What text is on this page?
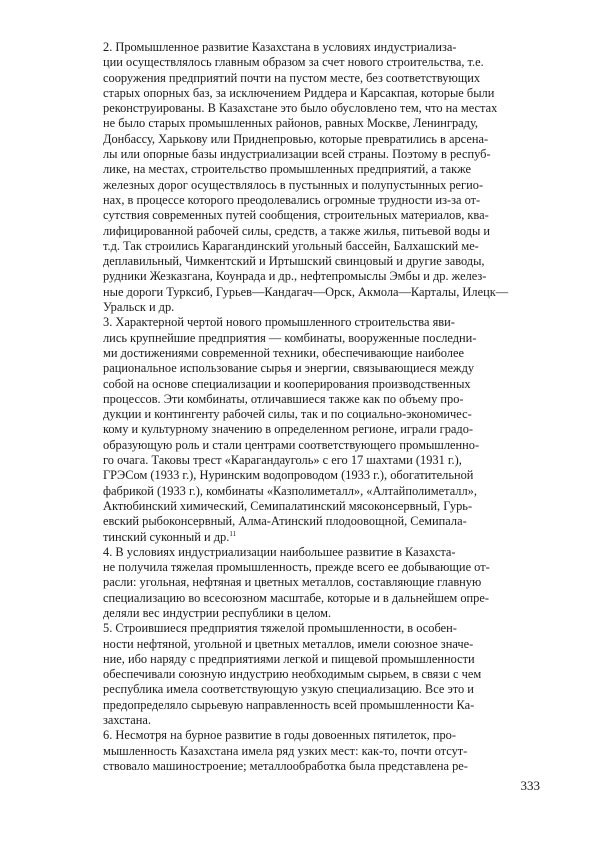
2. Промышленное развитие Казахстана в условиях индустриализа-
ции осуществлялось главным образом за счет нового строительства, т.е.
сооружения предприятий почти на пустом месте, без соответствующих
старых опорных баз, за исключением Риддера и Карсакпая, которые были
реконструированы. В Казахстане это было обусловлено тем, что на местах
не было старых промышленных районов, равных Москве, Ленинграду,
Донбассу, Харькову или Приднепровью, которые превратились в арсена-
лы или опорные базы индустриализации всей страны. Поэтому в респуб-
лике, на местах, строительство промышленных предприятий, а также
железных дорог осуществлялось в пустынных и полупустынных регио-
нах, в процессе которого преодолевались огромные трудности из-за от-
сутствия современных путей сообщения, строительных материалов, ква-
лифицированной рабочей силы, средств, а также жилья, питьевой воды и
т.д. Так строились Карагандинский угольный бассейн, Балхашский ме-
деплавильный, Чимкентский и Иртышский свинцовый и другие заводы,
рудники Жезказгана, Коунрада и др., нефтепромыслы Эмбы и др. желез-
ные дороги Турксиб, Гурьев—Кандагач—Орск, Акмола—Карталы, Илецк—
Уральск и др.

3. Характерной чертой нового промышленного строительства яви-
лись крупнейшие предприятия — комбинаты, вооруженные последни-
ми достижениями современной техники, обеспечивающие наиболее
рациональное использование сырья и энергии, связывающиеся между
собой на основе специализации и кооперирования производственных
процессов. Эти комбинаты, отличавшиеся также как по объему про-
дукции и контингенту рабочей силы, так и по социально-экономичес-
кому и культурному значению в определенном регионе, играли градо-
образующую роль и стали центрами соответствующего промышленно-
го очага. Таковы трест «Карагандауголь» с его 17 шахтами (1931 г.),
ГРЭСом (1933 г.), Нуринским водопроводом (1933 г.), обогатительной
фабрикой (1933 г.), комбинаты «Казполиметалл», «Алтайполиметалл»,
Актюбинский химический, Семипалатинский мясоконсервный, Гурь-
евский рыбоконсервный, Алма-Атинский плодоовощной, Семипала-
тинский суконный и др.$^{11}$

4. В условиях индустриализации наибольшее развитие в Казахста-
не получила тяжелая промышленность, прежде всего ее добывающие от-
расли: угольная, нефтяная и цветных металлов, составляющие главную
специализацию во всесоюзном масштабе, которые и в дальнейшем опре-
деляли вес индустрии республики в целом.

5. Строившиеся предприятия тяжелой промышленности, в особен-
ности нефтяной, угольной и цветных металлов, имели союзное значе-
ние, ибо наряду с предприятиями легкой и пищевой промышленности
обеспечивали союзную индустрию необходимым сырьем, в связи с чем
республика имела соответствующую узкую специализацию. Все это и
предопределяло сырьевую направленность всей промышленности Ка-
захстана.

6. Несмотря на бурное развитие в годы довоенных пятилеток, про-
мышленность Казахстана имела ряд узких мест: как-то, почти отсут-
ствовало машиностроение; металлообработка была представлена ре-

333
